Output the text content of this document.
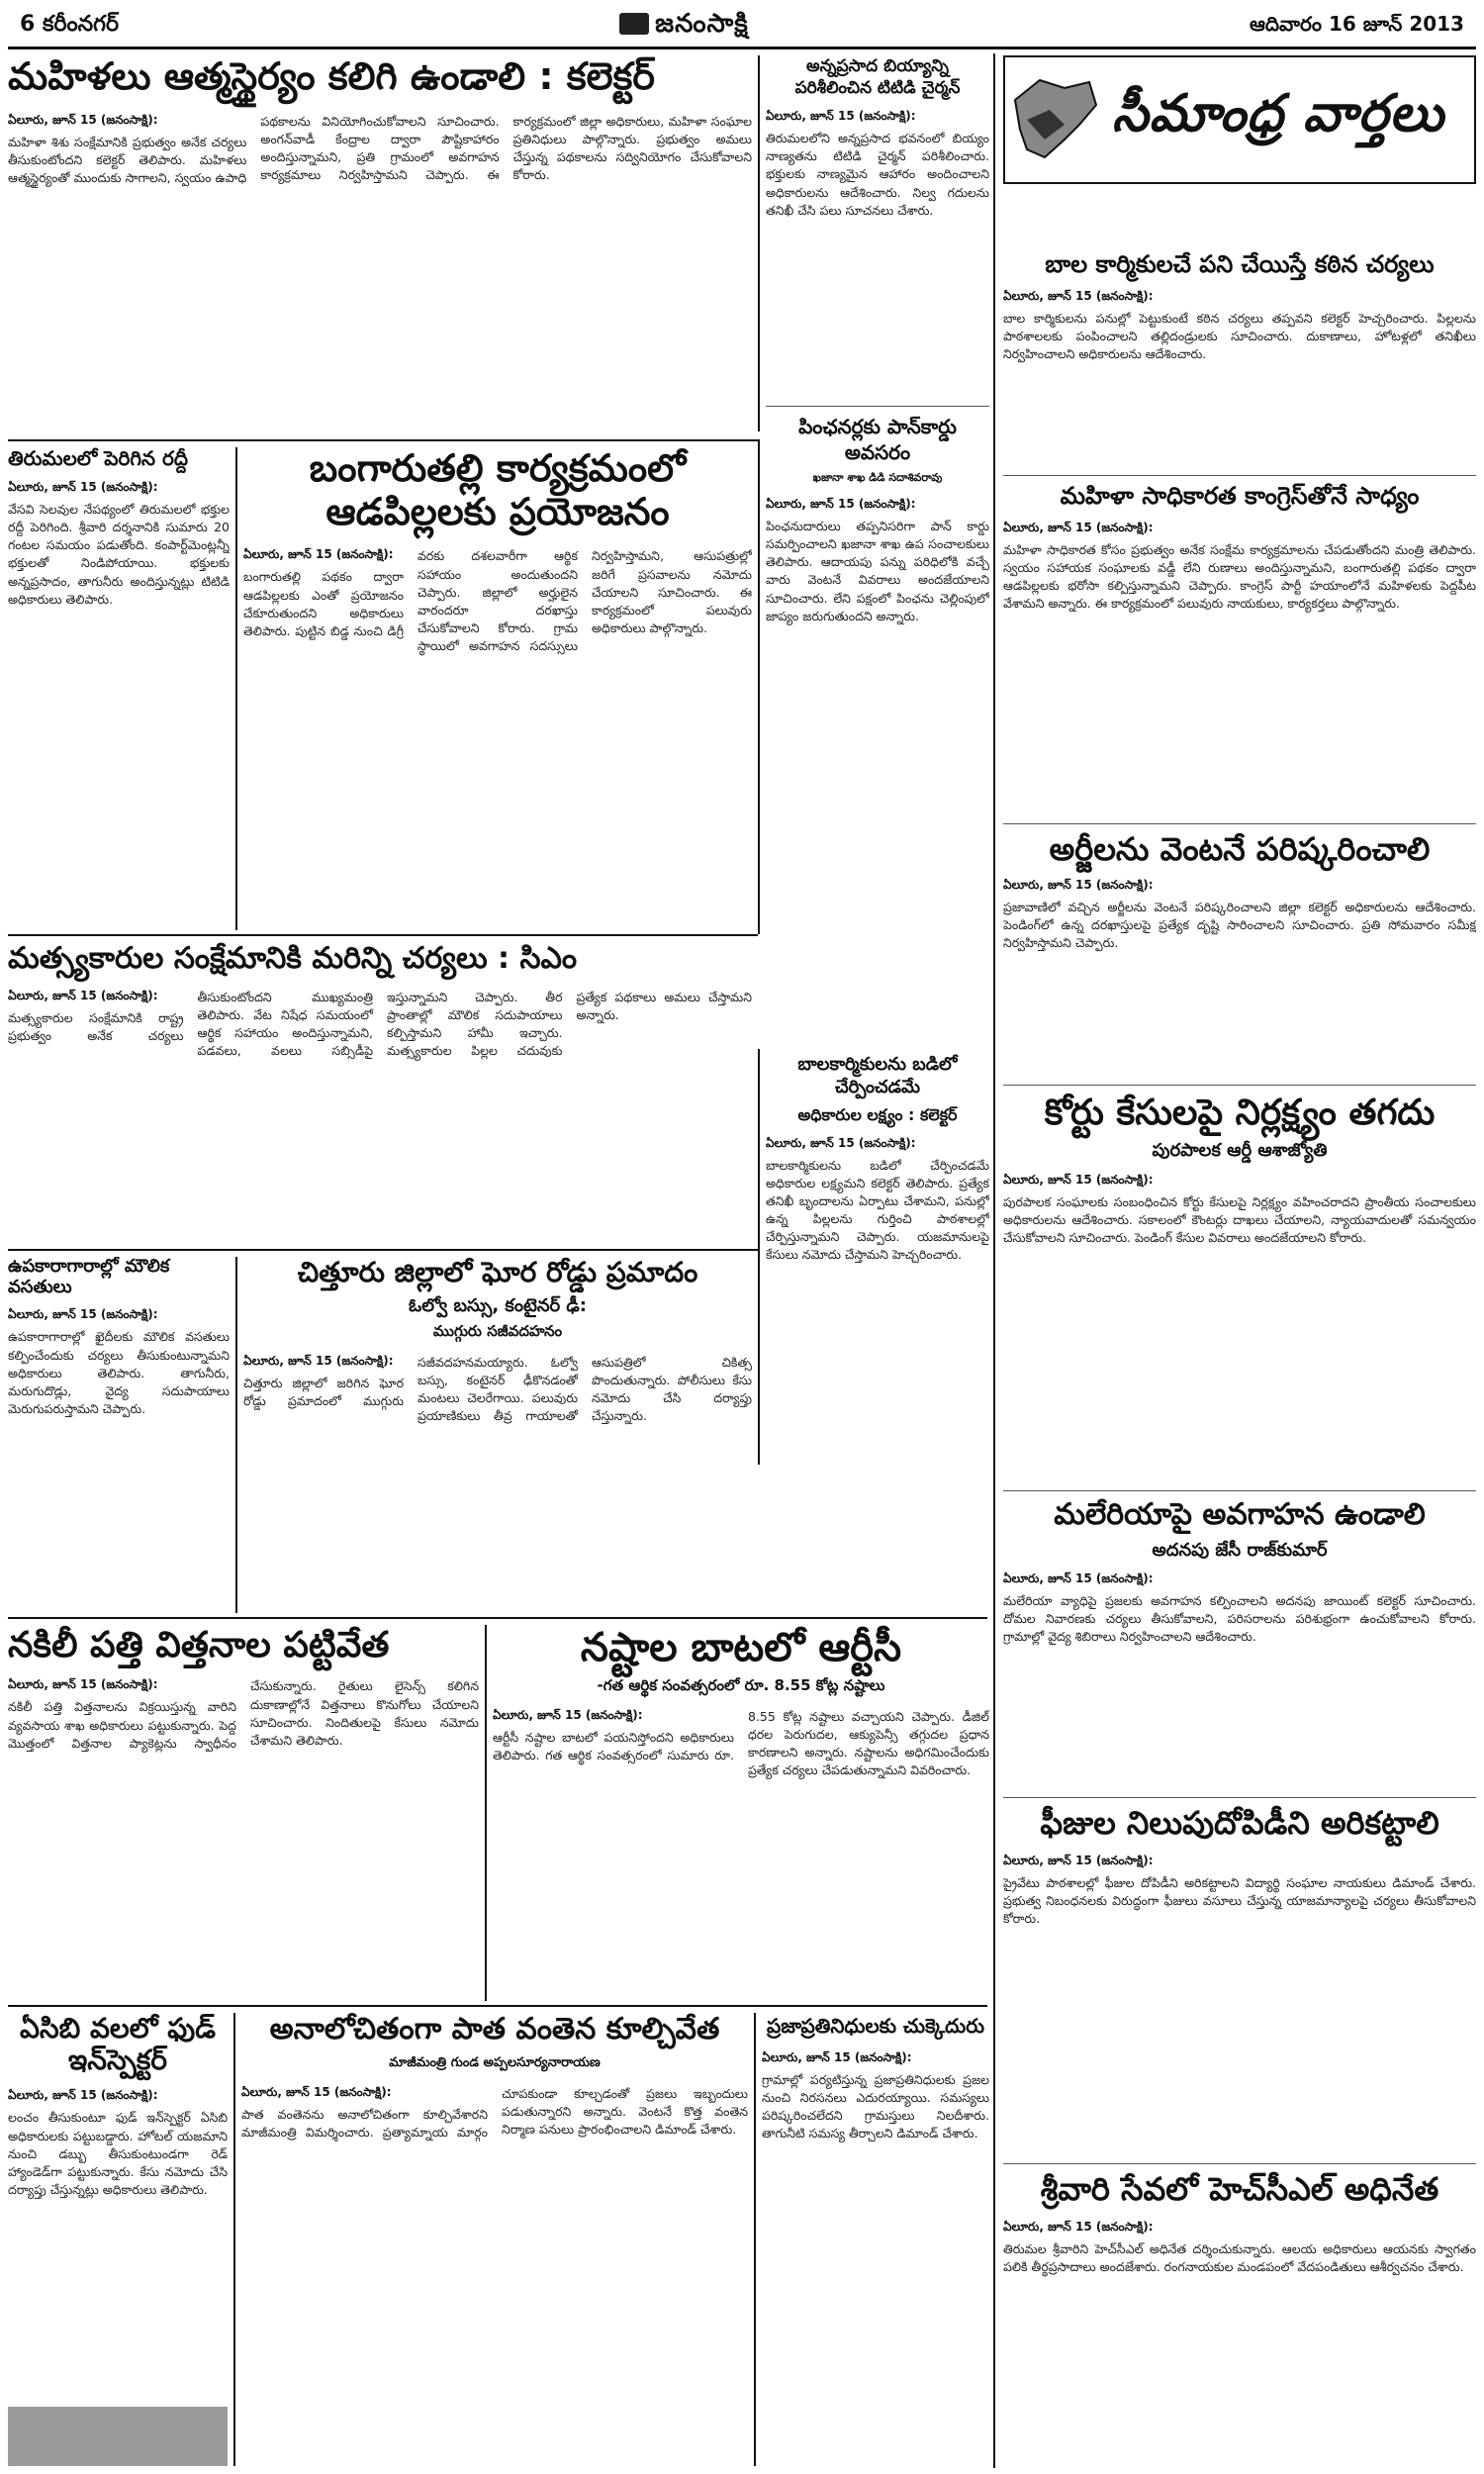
6 కరీంనగర్	జనంసాక్షి	ఆదివారం 16 జూన్ 2013
సీమాంధ్ర వార్తలు
బాల కార్మికులచే పని చేయిస్తే కఠిన చర్యలు
ఏలూరు, జూన్ 15 (జనంసాక్షి):
బాల కార్మికులను పనుల్లో పెట్టుకుంటే కఠిన చర్యలు తప్పవని కలెక్టర్ హెచ్చరించారు. పిల్లలను పాఠశాలలకు పంపించాలని తల్లిదండ్రులకు సూచించారు. దుకాణాలు, హోటళ్లలో తనిఖీలు నిర్వహించాలని అధికారులను ఆదేశించారు.
మహిళా సాధికారత కాంగ్రెస్‌తోనే సాధ్యం
ఏలూరు, జూన్ 15 (జనంసాక్షి):
మహిళా సాధికారత కోసం ప్రభుత్వం అనేక సంక్షేమ కార్యక్రమాలను చేపడుతోందని మంత్రి తెలిపారు. స్వయం సహాయక సంఘాలకు వడ్డీ లేని రుణాలు అందిస్తున్నామని, బంగారుతల్లి పథకం ద్వారా ఆడపిల్లలకు భరోసా కల్పిస్తున్నామని చెప్పారు. కాంగ్రెస్ పార్టీ హయాంలోనే మహిళలకు పెద్దపీట వేశామని అన్నారు. ఈ కార్యక్రమంలో పలువురు నాయకులు, కార్యకర్తలు పాల్గొన్నారు.
అర్జీలను వెంటనే పరిష్కరించాలి
ఏలూరు, జూన్ 15 (జనంసాక్షి):
ప్రజావాణిలో వచ్చిన అర్జీలను వెంటనే పరిష్కరించాలని జిల్లా కలెక్టర్ అధికారులను ఆదేశించారు. పెండింగ్‌లో ఉన్న దరఖాస్తులపై ప్రత్యేక దృష్టి సారించాలని సూచించారు. ప్రతి సోమవారం సమీక్ష నిర్వహిస్తామని చెప్పారు.
కోర్టు కేసులపై నిర్లక్ష్యం తగదు
పురపాలక ఆర్డీ ఆశాజ్యోతి
ఏలూరు, జూన్ 15 (జనంసాక్షి):
పురపాలక సంఘాలకు సంబంధించిన కోర్టు కేసులపై నిర్లక్ష్యం వహించరాదని ప్రాంతీయ సంచాలకులు అధికారులను ఆదేశించారు. సకాలంలో కౌంటర్లు దాఖలు చేయాలని, న్యాయవాదులతో సమన్వయం చేసుకోవాలని సూచించారు. పెండింగ్ కేసుల వివరాలు అందజేయాలని కోరారు.
మలేరియాపై అవగాహన ఉండాలి
అదనపు జేసీ రాజ్‌కుమార్
ఏలూరు, జూన్ 15 (జనంసాక్షి):
మలేరియా వ్యాధిపై ప్రజలకు అవగాహన కల్పించాలని అదనపు జాయింట్ కలెక్టర్ సూచించారు. దోమల నివారణకు చర్యలు తీసుకోవాలని, పరిసరాలను పరిశుభ్రంగా ఉంచుకోవాలని కోరారు. గ్రామాల్లో వైద్య శిబిరాలు నిర్వహించాలని ఆదేశించారు.
ఫీజుల నిలుపుదోపిడీని అరికట్టాలి
ఏలూరు, జూన్ 15 (జనంసాక్షి):
ప్రైవేటు పాఠశాలల్లో ఫీజుల దోపిడీని అరికట్టాలని విద్యార్థి సంఘాల నాయకులు డిమాండ్ చేశారు. ప్రభుత్వ నిబంధనలకు విరుద్ధంగా ఫీజులు వసూలు చేస్తున్న యాజమాన్యాలపై చర్యలు తీసుకోవాలని కోరారు.
శ్రీవారి సేవలో హెచ్‌సీఎల్ అధినేత
ఏలూరు, జూన్ 15 (జనంసాక్షి):
తిరుమల శ్రీవారిని హెచ్‌సీఎల్ అధినేత దర్శించుకున్నారు. ఆలయ అధికారులు ఆయనకు స్వాగతం పలికి తీర్థప్రసాదాలు అందజేశారు. రంగనాయకుల మండపంలో వేదపండితులు ఆశీర్వచనం చేశారు.
మహిళలు ఆత్మస్థైర్యం కలిగి ఉండాలి : కలెక్టర్
ఏలూరు, జూన్ 15 (జనంసాక్షి):
మహిళా శిశు సంక్షేమానికి ప్రభుత్వం అనేక చర్యలు తీసుకుంటోందని కలెక్టర్ తెలిపారు. మహిళలు ఆత్మస్థైర్యంతో ముందుకు సాగాలని, స్వయం ఉపాధి పథకాలను వినియోగించుకోవాలని సూచించారు. అంగన్‌వాడీ కేంద్రాల ద్వారా పౌష్టికాహారం అందిస్తున్నామని, ప్రతి గ్రామంలో అవగాహన కార్యక్రమాలు నిర్వహిస్తామని చెప్పారు. ఈ కార్యక్రమంలో జిల్లా అధికారులు, మహిళా సంఘాల ప్రతినిధులు పాల్గొన్నారు. ప్రభుత్వం అమలు చేస్తున్న పథకాలను సద్వినియోగం చేసుకోవాలని కోరారు.
అన్నప్రసాద బియ్యాన్ని పరిశీలించిన టిటిడి చైర్మన్
ఏలూరు, జూన్ 15 (జనంసాక్షి):
తిరుమలలోని అన్నప్రసాద భవనంలో బియ్యం నాణ్యతను టిటిడి చైర్మన్ పరిశీలించారు. భక్తులకు నాణ్యమైన ఆహారం అందించాలని అధికారులను ఆదేశించారు. నిల్వ గదులను తనిఖీ చేసి పలు సూచనలు చేశారు.
పింఛనర్లకు పాన్‌కార్డు అవసరం
ఖజానా శాఖ డిడి సదాశివరావు
ఏలూరు, జూన్ 15 (జనంసాక్షి):
పింఛనుదారులు తప్పనిసరిగా పాన్ కార్డు సమర్పించాలని ఖజానా శాఖ ఉప సంచాలకులు తెలిపారు. ఆదాయపు పన్ను పరిధిలోకి వచ్చే వారు వెంటనే వివరాలు అందజేయాలని సూచించారు. లేని పక్షంలో పింఛను చెల్లింపులో జాప్యం జరుగుతుందని అన్నారు.
తిరుమలలో పెరిగిన రద్దీ
ఏలూరు, జూన్ 15 (జనంసాక్షి):
వేసవి సెలవుల నేపథ్యంలో తిరుమలలో భక్తుల రద్దీ పెరిగింది. శ్రీవారి దర్శనానికి సుమారు 20 గంటల సమయం పడుతోంది. కంపార్ట్‌మెంట్లన్నీ భక్తులతో నిండిపోయాయి. భక్తులకు అన్నప్రసాదం, తాగునీరు అందిస్తున్నట్లు టిటిడి అధికారులు తెలిపారు.
బంగారుతల్లి కార్యక్రమంలో ఆడపిల్లలకు ప్రయోజనం
ఏలూరు, జూన్ 15 (జనంసాక్షి):
బంగారుతల్లి పథకం ద్వారా ఆడపిల్లలకు ఎంతో ప్రయోజనం చేకూరుతుందని అధికారులు తెలిపారు. పుట్టిన బిడ్డ నుంచి డిగ్రీ వరకు దశలవారీగా ఆర్థిక సహాయం అందుతుందని చెప్పారు. జిల్లాలో అర్హులైన వారందరూ దరఖాస్తు చేసుకోవాలని కోరారు. గ్రామ స్థాయిలో అవగాహన సదస్సులు నిర్వహిస్తామని, ఆసుపత్రుల్లో జరిగే ప్రసవాలను నమోదు చేయాలని సూచించారు. ఈ కార్యక్రమంలో పలువురు అధికారులు పాల్గొన్నారు.
మత్స్యకారుల సంక్షేమానికి మరిన్ని చర్యలు : సిఎం
ఏలూరు, జూన్ 15 (జనంసాక్షి):
మత్స్యకారుల సంక్షేమానికి రాష్ట్ర ప్రభుత్వం అనేక చర్యలు తీసుకుంటోందని ముఖ్యమంత్రి తెలిపారు. వేట నిషేధ సమయంలో ఆర్థిక సహాయం అందిస్తున్నామని, పడవలు, వలలు సబ్సిడీపై ఇస్తున్నామని చెప్పారు. తీర ప్రాంతాల్లో మౌలిక సదుపాయాలు కల్పిస్తామని హామీ ఇచ్చారు. మత్స్యకారుల పిల్లల చదువుకు ప్రత్యేక పథకాలు అమలు చేస్తామని అన్నారు.
బాలకార్మికులను బడిలో చేర్పించడమే
అధికారుల లక్ష్యం : కలెక్టర్
ఏలూరు, జూన్ 15 (జనంసాక్షి):
బాలకార్మికులను బడిలో చేర్పించడమే అధికారుల లక్ష్యమని కలెక్టర్ తెలిపారు. ప్రత్యేక తనిఖీ బృందాలను ఏర్పాటు చేశామని, పనుల్లో ఉన్న పిల్లలను గుర్తించి పాఠశాలల్లో చేర్పిస్తున్నామని చెప్పారు. యజమానులపై కేసులు నమోదు చేస్తామని హెచ్చరించారు.
ఉపకారాగారాల్లో మౌలిక వసతులు
ఏలూరు, జూన్ 15 (జనంసాక్షి):
ఉపకారాగారాల్లో ఖైదీలకు మౌలిక వసతులు కల్పించేందుకు చర్యలు తీసుకుంటున్నామని అధికారులు తెలిపారు. తాగునీరు, మరుగుదొడ్లు, వైద్య సదుపాయాలు మెరుగుపరుస్తామని చెప్పారు.
చిత్తూరు జిల్లాలో ఘోర రోడ్డు ప్రమాదం
ఓల్వో బస్సు, కంటైనర్ ఢీ:
ముగ్గురు సజీవదహనం
ఏలూరు, జూన్ 15 (జనంసాక్షి):
చిత్తూరు జిల్లాలో జరిగిన ఘోర రోడ్డు ప్రమాదంలో ముగ్గురు సజీవదహనమయ్యారు. ఓల్వో బస్సు, కంటైనర్ ఢీకొనడంతో మంటలు చెలరేగాయి. పలువురు ప్రయాణికులు తీవ్ర గాయాలతో ఆసుపత్రిలో చికిత్స పొందుతున్నారు. పోలీసులు కేసు నమోదు చేసి దర్యాప్తు చేస్తున్నారు.
నకిలీ పత్తి విత్తనాల పట్టివేత
ఏలూరు, జూన్ 15 (జనంసాక్షి):
నకిలీ పత్తి విత్తనాలను విక్రయిస్తున్న వారిని వ్యవసాయ శాఖ అధికారులు పట్టుకున్నారు. పెద్ద మొత్తంలో విత్తనాల ప్యాకెట్లను స్వాధీనం చేసుకున్నారు. రైతులు లైసెన్స్ కలిగిన దుకాణాల్లోనే విత్తనాలు కొనుగోలు చేయాలని సూచించారు. నిందితులపై కేసులు నమోదు చేశామని తెలిపారు.
నష్టాల బాటలో ఆర్టీసీ
-గత ఆర్థిక సంవత్సరంలో రూ. 8.55 కోట్ల నష్టాలు
ఏలూరు, జూన్ 15 (జనంసాక్షి):
ఆర్టీసీ నష్టాల బాటలో పయనిస్తోందని అధికారులు తెలిపారు. గత ఆర్థిక సంవత్సరంలో సుమారు రూ. 8.55 కోట్ల నష్టాలు వచ్చాయని చెప్పారు. డీజిల్ ధరల పెరుగుదల, ఆక్యుపెన్సీ తగ్గుదల ప్రధాన కారణాలని అన్నారు. నష్టాలను అధిగమించేందుకు ప్రత్యేక చర్యలు చేపడుతున్నామని వివరించారు.
ఏసిబి వలలో ఫుడ్ ఇన్‌స్పెక్టర్
ఏలూరు, జూన్ 15 (జనంసాక్షి):
లంచం తీసుకుంటూ ఫుడ్ ఇన్‌స్పెక్టర్ ఏసిబి అధికారులకు పట్టుబడ్డారు. హోటల్ యజమాని నుంచి డబ్బు తీసుకుంటుండగా రెడ్ హ్యాండెడ్‌గా పట్టుకున్నారు. కేసు నమోదు చేసి దర్యాప్తు చేస్తున్నట్లు అధికారులు తెలిపారు.
అనాలోచితంగా పాత వంతెన కూల్చివేత
మాజీమంత్రి గుండ అప్పలసూర్యనారాయణ
ఏలూరు, జూన్ 15 (జనంసాక్షి):
పాత వంతెనను అనాలోచితంగా కూల్చివేశారని మాజీమంత్రి విమర్శించారు. ప్రత్యామ్నాయ మార్గం చూపకుండా కూల్చడంతో ప్రజలు ఇబ్బందులు పడుతున్నారని అన్నారు. వెంటనే కొత్త వంతెన నిర్మాణ పనులు ప్రారంభించాలని డిమాండ్ చేశారు.
ప్రజాప్రతినిధులకు చుక్కెదురు
ఏలూరు, జూన్ 15 (జనంసాక్షి):
గ్రామాల్లో పర్యటిస్తున్న ప్రజాప్రతినిధులకు ప్రజల నుంచి నిరసనలు ఎదురయ్యాయి. సమస్యలు పరిష్కరించలేదని గ్రామస్తులు నిలదీశారు. తాగునీటి సమస్య తీర్చాలని డిమాండ్ చేశారు.
